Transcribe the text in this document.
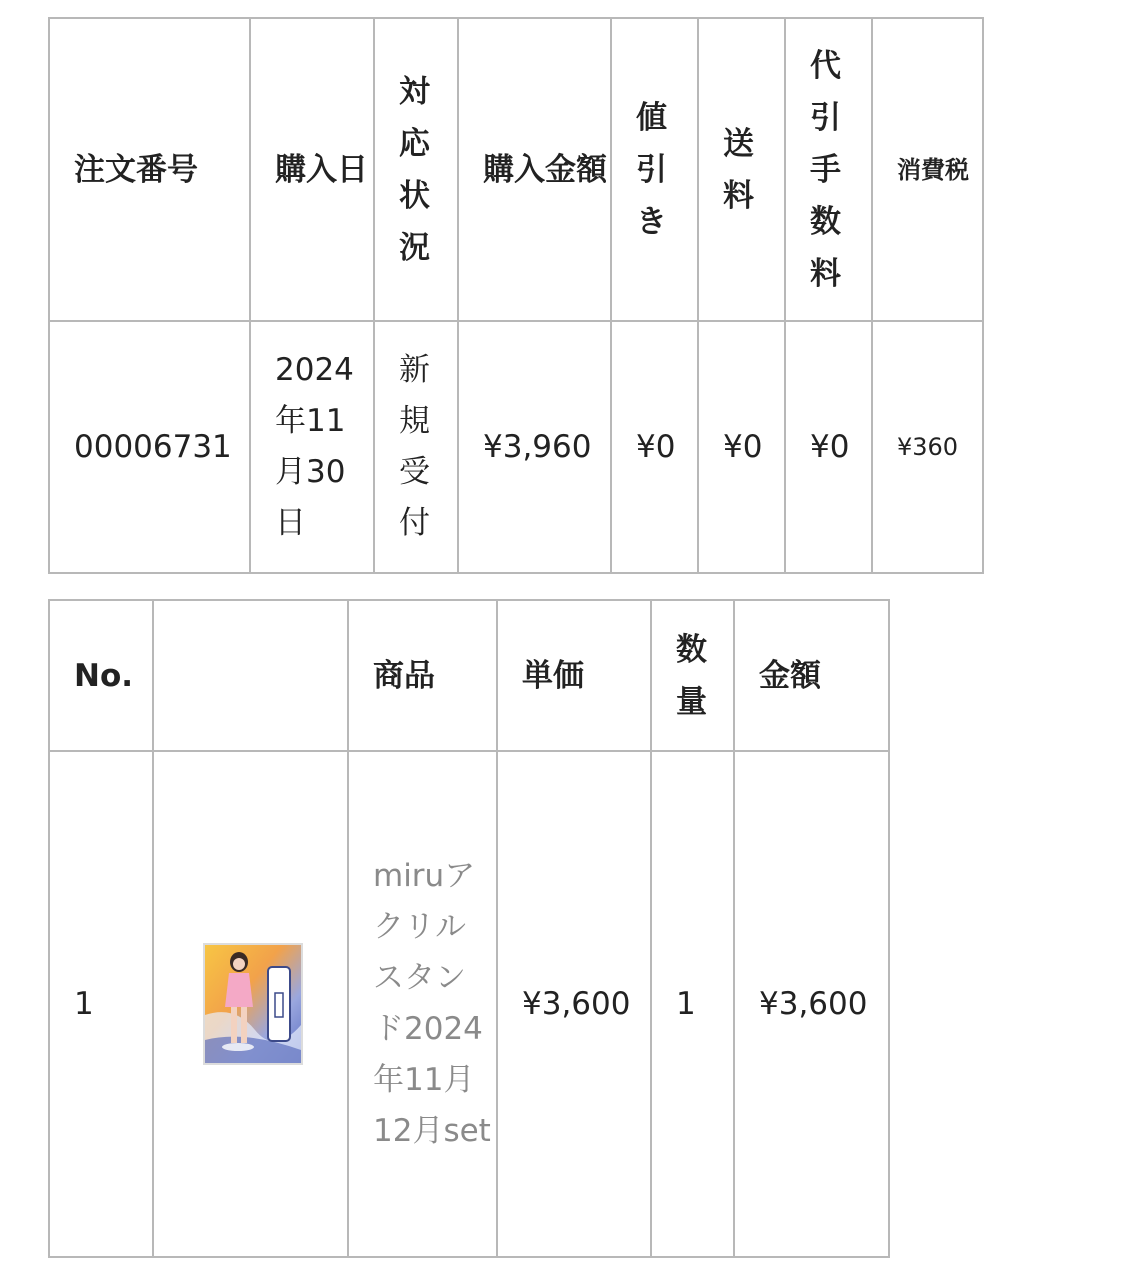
注文番号	購入日	対応状況	購入金額	値引き	送料	代引手数料	消費税
00006731	2024年11月30日	新規受付	¥3,960	¥0	¥0	¥0	¥360
No.		商品	単価	数量	金額
1		miruアクリルスタンド2024年11月12月set	¥3,600	1	¥3,600
